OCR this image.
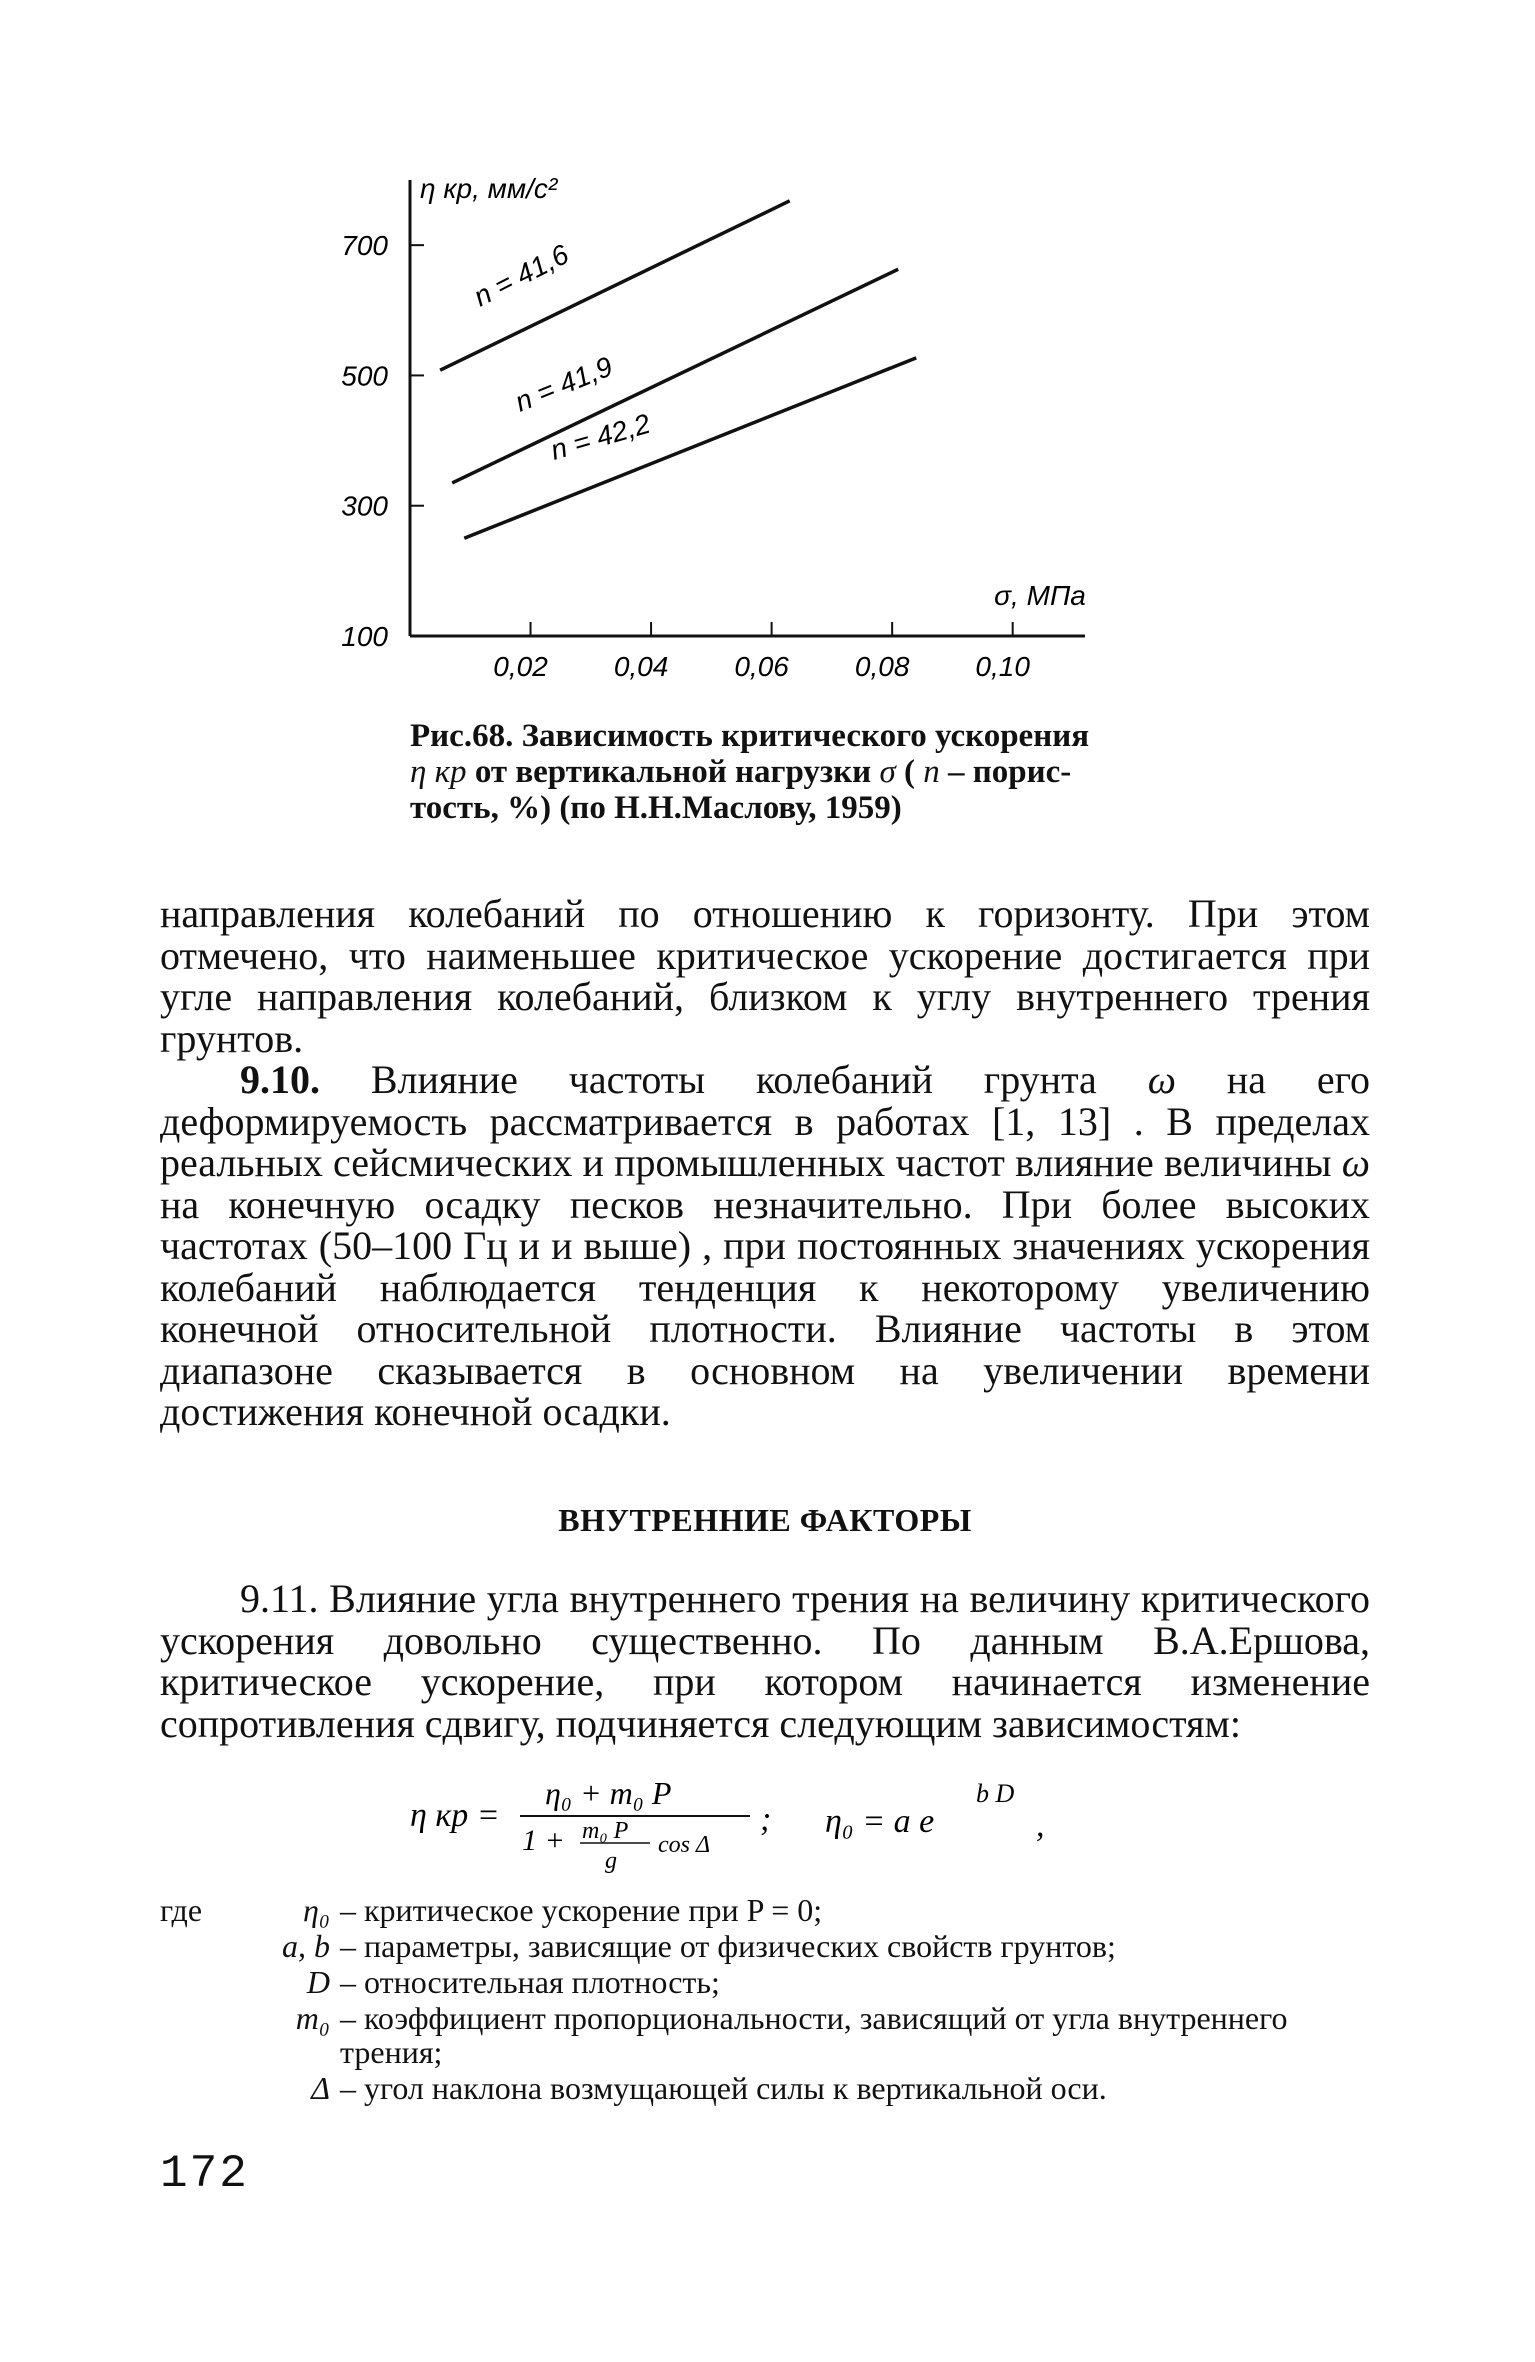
η кр, мм/с²
σ, МПа
700
500
300
100
0,02 0,04 0,06 0,08 0,10
n = 41,6
n = 41,9
n = 42,2

Рис.68. Зависимость критического ускорения
η кр от вертикальной нагрузки σ ( n – порис-тость, %) (по Н.Н.Маслову, 1959)

направления колебаний по отношению к горизонту. При этом отмечено, что наименьшее критическое ускорение достигается при угле направления колебаний, близком к углу внутреннего трения грунтов.

9.10. Влияние частоты колебаний грунта ω на его деформируемость рассматривается в работах [1, 13] . В пределах реальных сейсмических и промышленных частот влияние величины ω на конечную осадку песков незначительно. При более высоких частотах (50–100 Гц и и выше) , при постоянных значениях ускорения колебаний наблюдается тенденция к некоторому увеличению конечной относительной плотности. Влияние частоты в этом диапазоне сказывается в основном на увеличении времени достижения конечной осадки.

ВНУТРЕННИЕ ФАКТОРЫ

9.11. Влияние угла внутреннего трения на величину критического ускорения довольно существенно. По данным В.А.Ершова, критическое ускорение, при котором начинается изменение сопротивления сдвигу, подчиняется следующим зависимостям:

η кр =
η₀ + m₀ P
1 + m₀ P
g
cos Δ
; η₀ = a e
b D
,
где	η₀ – критическое ускорение при P = 0;
a, b – параметры, зависящие от физических свойств грунтов;
D – относительная плотность;
m₀ – коэффициент пропорциональности, зависящий от угла внутреннего трения;
Δ – угол наклона возмущающей силы к вертикальной оси.
172
